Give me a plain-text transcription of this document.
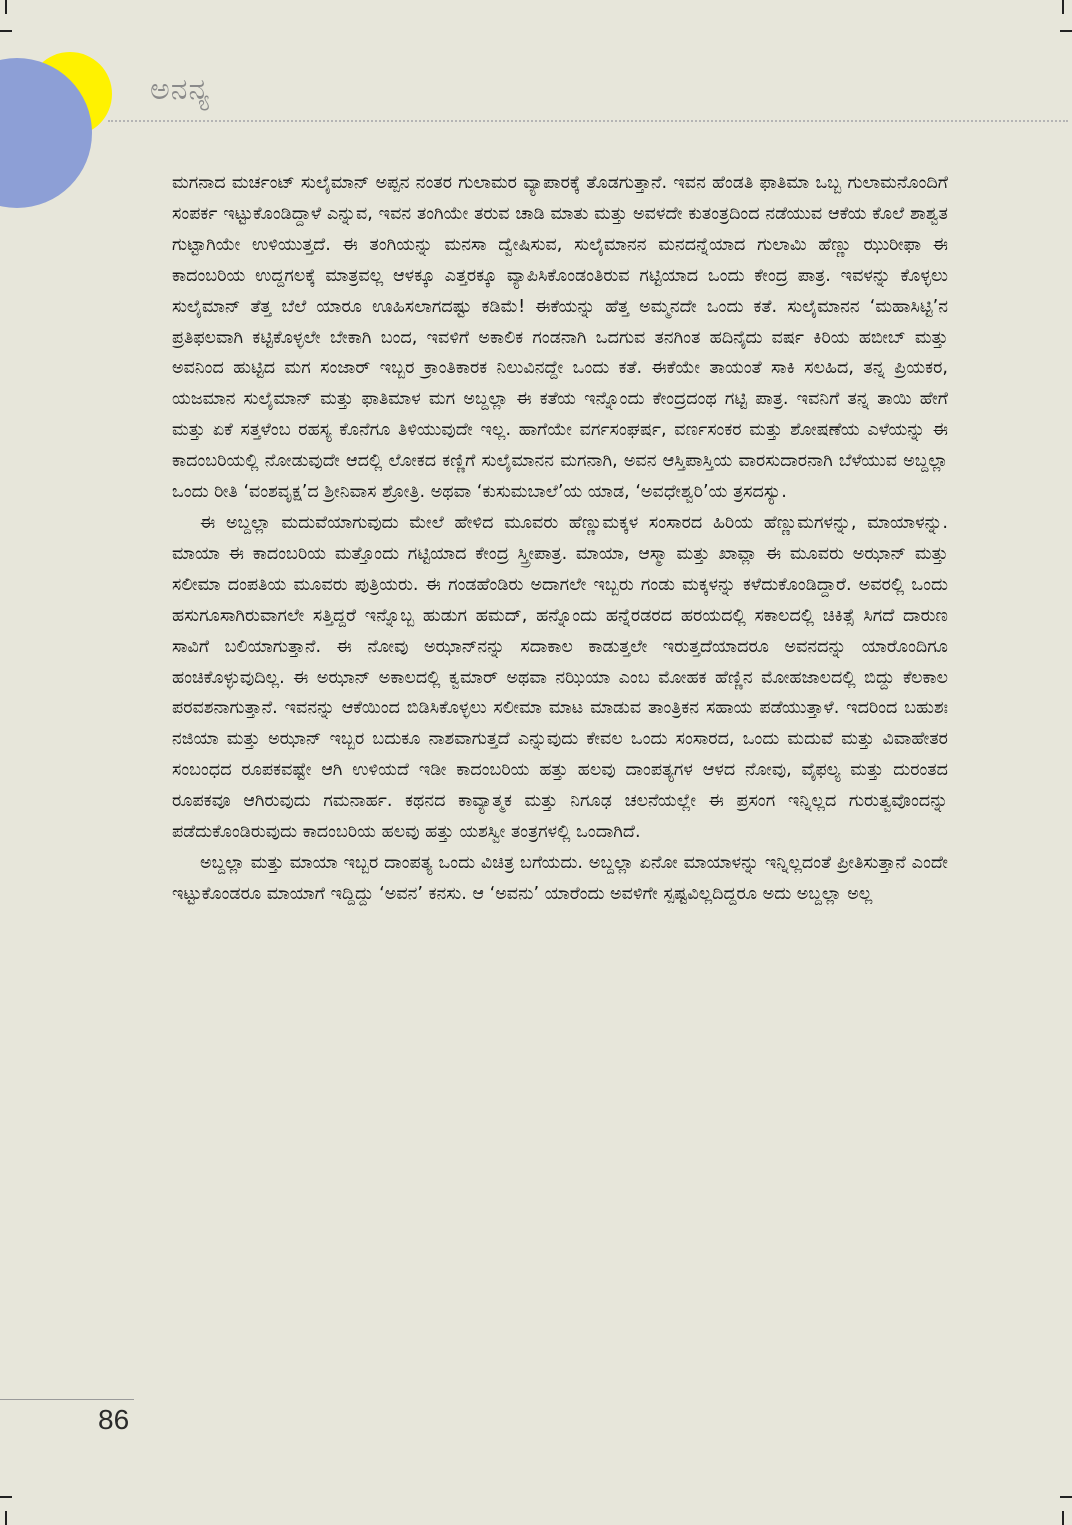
ಅನನ್ಯ

ಮಗನಾದ ಮರ್ಚಂಟ್ ಸುಲೈಮಾನ್ ಅಪ್ಪನ ನಂತರ ಗುಲಾಮರ ವ್ಯಾಪಾರಕ್ಕೆ ತೊಡಗುತ್ತಾನೆ. ಇವನ ಹೆಂಡತಿ ಫಾತಿಮಾ ಒಬ್ಬ ಗುಲಾಮನೊಂದಿಗೆ ಸಂಪರ್ಕ ಇಟ್ಟುಕೊಂಡಿದ್ದಾಳೆ ಎನ್ನುವ, ಇವನ ತಂಗಿಯೇ ತರುವ ಚಾಡಿ ಮಾತು ಮತ್ತು ಅವಳದೇ ಕುತಂತ್ರದಿಂದ ನಡೆಯುವ ಆಕೆಯ ಕೊಲೆ ಶಾಶ್ವತ ಗುಟ್ಟಾಗಿಯೇ ಉಳಿಯುತ್ತದೆ. ಈ ತಂಗಿಯನ್ನು ಮನಸಾ ದ್ವೇಷಿಸುವ, ಸುಲೈಮಾನನ ಮನದನ್ನೆಯಾದ ಗುಲಾಮಿ ಹೆಣ್ಣು ಝುರೀಫಾ ಈ ಕಾದಂಬರಿಯ ಉದ್ದಗಲಕ್ಕೆ ಮಾತ್ರವಲ್ಲ ಆಳಕ್ಕೂ ಎತ್ತರಕ್ಕೂ ವ್ಯಾಪಿಸಿಕೊಂಡಂತಿರುವ ಗಟ್ಟಿಯಾದ ಒಂದು ಕೇಂದ್ರ ಪಾತ್ರ. ಇವಳನ್ನು ಕೊಳ್ಳಲು ಸುಲೈಮಾನ್ ತೆತ್ತ ಬೆಲೆ ಯಾರೂ ಊಹಿಸಲಾಗದಷ್ಟು ಕಡಿಮೆ! ಈಕೆಯನ್ನು ಹೆತ್ತ ಅಮ್ಮನದೇ ಒಂದು ಕತೆ. ಸುಲೈಮಾನನ ‘ಮಹಾಸಿಟ್ಟಿ’ನ ಪ್ರತಿಫಲವಾಗಿ ಕಟ್ಟಿಕೊಳ್ಳಲೇ ಬೇಕಾಗಿ ಬಂದ, ಇವಳಿಗೆ ಅಕಾಲಿಕ ಗಂಡನಾಗಿ ಒದಗುವ ತನಗಿಂತ ಹದಿನೈದು ವರ್ಷ ಕಿರಿಯ ಹಬೀಬ್ ಮತ್ತು ಅವನಿಂದ ಹುಟ್ಟಿದ ಮಗ ಸಂಜಾರ್ ಇಬ್ಬರ ಕ್ರಾಂತಿಕಾರಕ ನಿಲುವಿನದ್ದೇ ಒಂದು ಕತೆ. ಈಕೆಯೇ ತಾಯಂತೆ ಸಾಕಿ ಸಲಹಿದ, ತನ್ನ ಪ್ರಿಯಕರ, ಯಜಮಾನ ಸುಲೈಮಾನ್ ಮತ್ತು ಫಾತಿಮಾಳ ಮಗ ಅಬ್ದಲ್ಲಾ ಈ ಕತೆಯ ಇನ್ನೊಂದು ಕೇಂದ್ರದಂಥ ಗಟ್ಟಿ ಪಾತ್ರ. ಇವನಿಗೆ ತನ್ನ ತಾಯಿ ಹೇಗೆ ಮತ್ತು ಏಕೆ ಸತ್ತಳೆಂಬ ರಹಸ್ಯ ಕೊನೆಗೂ ತಿಳಿಯುವುದೇ ಇಲ್ಲ. ಹಾಗೆಯೇ ವರ್ಗಸಂಘರ್ಷ, ವರ್ಣಸಂಕರ ಮತ್ತು ಶೋಷಣೆಯ ಎಳೆಯನ್ನು ಈ ಕಾದಂಬರಿಯಲ್ಲಿ ನೋಡುವುದೇ ಆದಲ್ಲಿ ಲೋಕದ ಕಣ್ಣಿಗೆ ಸುಲೈಮಾನನ ಮಗನಾಗಿ, ಅವನ ಆಸ್ತಿಪಾಸ್ತಿಯ ವಾರಸುದಾರನಾಗಿ ಬೆಳೆಯುವ ಅಬ್ದಲ್ಲಾ ಒಂದು ರೀತಿ ‘ವಂಶವೃಕ್ಷ’ದ ಶ್ರೀನಿವಾಸ ಶ್ರೋತ್ರಿ. ಅಥವಾ ‘ಕುಸುಮಬಾಲೆ’ಯ ಯಾಡ, ‘ಅವಧೇಶ್ವರಿ’ಯ ತ್ರಸದಸ್ಯು.

ಈ ಅಬ್ದಲ್ಲಾ ಮದುವೆಯಾಗುವುದು ಮೇಲೆ ಹೇಳಿದ ಮೂವರು ಹೆಣ್ಣುಮಕ್ಕಳ ಸಂಸಾರದ ಹಿರಿಯ ಹೆಣ್ಣುಮಗಳನ್ನು, ಮಾಯಾಳನ್ನು. ಮಾಯಾ ಈ ಕಾದಂಬರಿಯ ಮತ್ತೊಂದು ಗಟ್ಟಿಯಾದ ಕೇಂದ್ರ ಸ್ತ್ರೀಪಾತ್ರ. ಮಾಯಾ, ಆಸ್ಮಾ ಮತ್ತು ಖಾವ್ಲಾ ಈ ಮೂವರು ಅಝಾನ್ ಮತ್ತು ಸಲೀಮಾ ದಂಪತಿಯ ಮೂವರು ಪುತ್ರಿಯರು. ಈ ಗಂಡಹೆಂಡಿರು ಅದಾಗಲೇ ಇಬ್ಬರು ಗಂಡು ಮಕ್ಕಳನ್ನು ಕಳೆದುಕೊಂಡಿದ್ದಾರೆ. ಅವರಲ್ಲಿ ಒಂದು ಹಸುಗೂಸಾಗಿರುವಾಗಲೇ ಸತ್ತಿದ್ದರೆ ಇನ್ನೊಬ್ಬ ಹುಡುಗ ಹಮದ್, ಹನ್ನೊಂದು ಹನ್ನೆರಡರದ ಹರಯದಲ್ಲಿ ಸಕಾಲದಲ್ಲಿ ಚಿಕಿತ್ಸೆ ಸಿಗದೆ ದಾರುಣ ಸಾವಿಗೆ ಬಲಿಯಾಗುತ್ತಾನೆ. ಈ ನೋವು ಅಝಾನ್‌ನನ್ನು ಸದಾಕಾಲ ಕಾಡುತ್ತಲೇ ಇರುತ್ತದೆಯಾದರೂ ಅವನದನ್ನು ಯಾರೊಂದಿಗೂ ಹಂಚಿಕೊಳ್ಳುವುದಿಲ್ಲ. ಈ ಅಝಾನ್ ಅಕಾಲದಲ್ಲಿ ಕ್ವಮಾರ್ ಅಥವಾ ನಝಿಯಾ ಎಂಬ ಮೋಹಕ ಹೆಣ್ಣಿನ ಮೋಹಜಾಲದಲ್ಲಿ ಬಿದ್ದು ಕೆಲಕಾಲ ಪರವಶನಾಗುತ್ತಾನೆ. ಇವನನ್ನು ಆಕೆಯಿಂದ ಬಿಡಿಸಿಕೊಳ್ಳಲು ಸಲೀಮಾ ಮಾಟ ಮಾಡುವ ತಾಂತ್ರಿಕನ ಸಹಾಯ ಪಡೆಯುತ್ತಾಳೆ. ಇದರಿಂದ ಬಹುಶಃ ನಜಿಯಾ ಮತ್ತು ಅಝಾನ್ ಇಬ್ಬರ ಬದುಕೂ ನಾಶವಾಗುತ್ತದೆ ಎನ್ನುವುದು ಕೇವಲ ಒಂದು ಸಂಸಾರದ, ಒಂದು ಮದುವೆ ಮತ್ತು ವಿವಾಹೇತರ ಸಂಬಂಧದ ರೂಪಕವಷ್ಟೇ ಆಗಿ ಉಳಿಯದೆ ಇಡೀ ಕಾದಂಬರಿಯ ಹತ್ತು ಹಲವು ದಾಂಪತ್ಯಗಳ ಆಳದ ನೋವು, ವೈಫಲ್ಯ ಮತ್ತು ದುರಂತದ ರೂಪಕವೂ ಆಗಿರುವುದು ಗಮನಾರ್ಹ. ಕಥನದ ಕಾವ್ಯಾತ್ಮಕ ಮತ್ತು ನಿಗೂಢ ಚಲನೆಯಲ್ಲೇ ಈ ಪ್ರಸಂಗ ಇನ್ನಿಲ್ಲದ ಗುರುತ್ವವೊಂದನ್ನು ಪಡೆದುಕೊಂಡಿರುವುದು ಕಾದಂಬರಿಯ ಹಲವು ಹತ್ತು ಯಶಸ್ವೀ ತಂತ್ರಗಳಲ್ಲಿ ಒಂದಾಗಿದೆ.

ಅಬ್ದಲ್ಲಾ ಮತ್ತು ಮಾಯಾ ಇಬ್ಬರ ದಾಂಪತ್ಯ ಒಂದು ವಿಚಿತ್ರ ಬಗೆಯದು. ಅಬ್ದಲ್ಲಾ ಏನೋ ಮಾಯಾಳನ್ನು ಇನ್ನಿಲ್ಲದಂತೆ ಪ್ರೀತಿಸುತ್ತಾನೆ ಎಂದೇ ಇಟ್ಟುಕೊಂಡರೂ ಮಾಯಾಗೆ ಇದ್ದಿದ್ದು ‘ಅವನ’ ಕನಸು. ಆ ‘ಅವನು’ ಯಾರೆಂದು ಅವಳಿಗೇ ಸ್ಪಷ್ಟವಿಲ್ಲದಿದ್ದರೂ ಅದು ಅಬ್ದಲ್ಲಾ ಅಲ್ಲ

86
